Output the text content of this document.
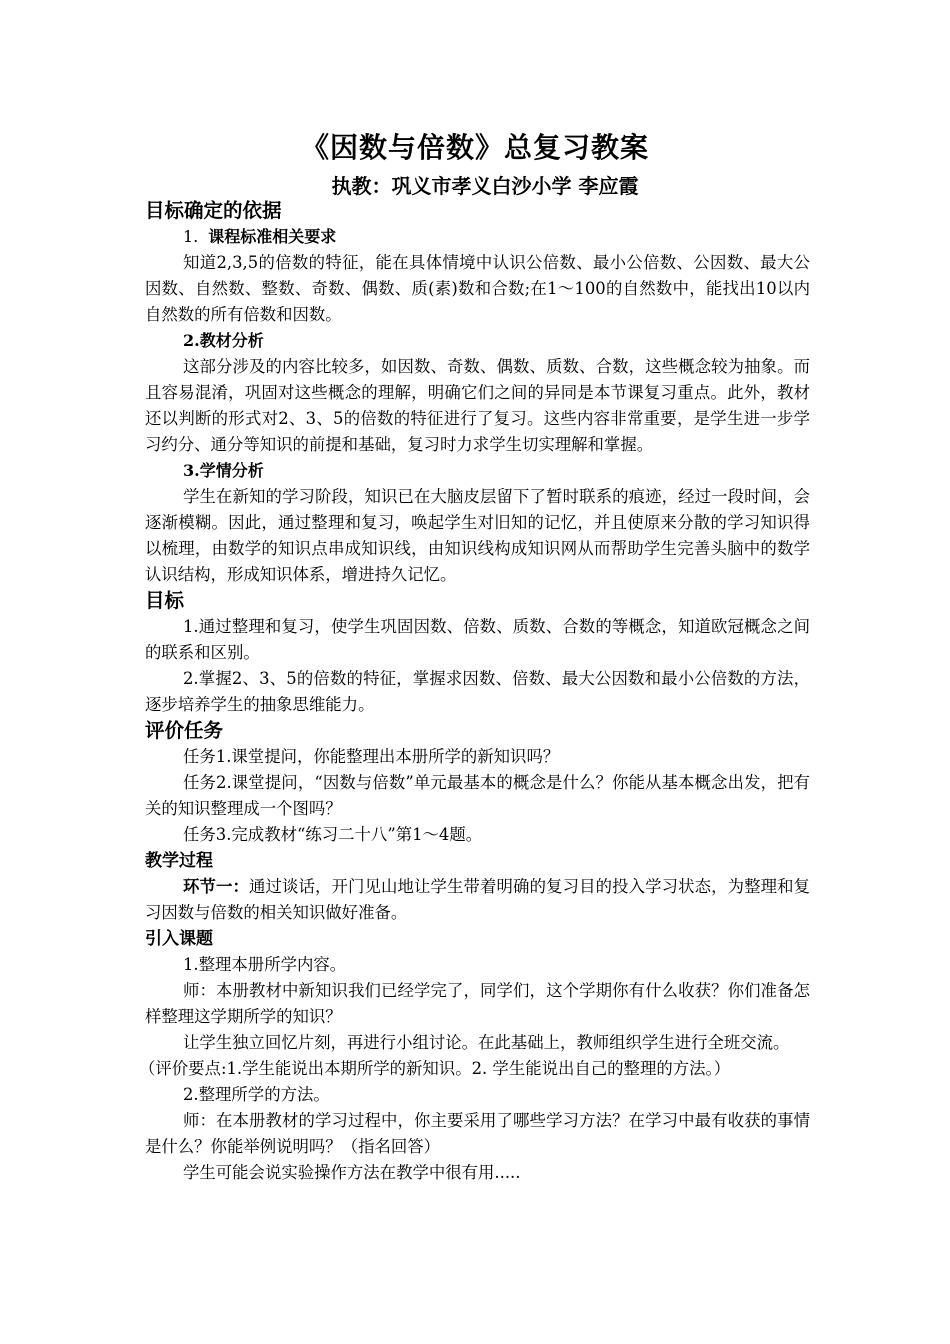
《因数与倍数》总复习教案
执教：巩义市孝义白沙小学 李应霞
目标确定的依据
1. 课程标准相关要求

知道2,3,5的倍数的特征，能在具体情境中认识公倍数、最小公倍数、公因数、最大公因数、自然数、整数、奇数、偶数、质(素)数和合数;在1～100的自然数中，能找出10以内自然数的所有倍数和因数。

2.教材分析

这部分涉及的内容比较多，如因数、奇数、偶数、质数、合数，这些概念较为抽象。而且容易混淆，巩固对这些概念的理解，明确它们之间的异同是本节课复习重点。此外，教材还以判断的形式对2、3、5的倍数的特征进行了复习。这些内容非常重要，是学生进一步学习约分、通分等知识的前提和基础，复习时力求学生切实理解和掌握。

3.学情分析

学生在新知的学习阶段，知识已在大脑皮层留下了暂时联系的痕迹，经过一段时间，会逐渐模糊。因此，通过整理和复习，唤起学生对旧知的记忆，并且使原来分散的学习知识得以梳理，由数学的知识点串成知识线，由知识线构成知识网从而帮助学生完善头脑中的数学认识结构，形成知识体系，增进持久记忆。

目标

1.通过整理和复习，使学生巩固因数、倍数、质数、合数的等概念，知道欧冠概念之间的联系和区别。

2.掌握2、3、5的倍数的特征，掌握求因数、倍数、最大公因数和最小公倍数的方法，逐步培养学生的抽象思维能力。

评价任务

任务1.课堂提问，你能整理出本册所学的新知识吗？

任务2.课堂提问，“因数与倍数”单元最基本的概念是什么？你能从基本概念出发，把有关的知识整理成一个图吗？

任务3.完成教材“练习二十八”第1～4题。

教学过程

环节一：通过谈话，开门见山地让学生带着明确的复习目的投入学习状态，为整理和复习因数与倍数的相关知识做好准备。

引入课题

1.整理本册所学内容。

师：本册教材中新知识我们已经学完了，同学们，这个学期你有什么收获？你们准备怎样整理这学期所学的知识？

让学生独立回忆片刻，再进行小组讨论。在此基础上，教师组织学生进行全班交流。

（评价要点:1.学生能说出本期所学的新知识。2. 学生能说出自己的整理的方法。）

2.整理所学的方法。

师：在本册教材的学习过程中，你主要采用了哪些学习方法？在学习中最有收获的事情是什么？你能举例说明吗？（指名回答）

学生可能会说实验操作方法在教学中很有用.....
